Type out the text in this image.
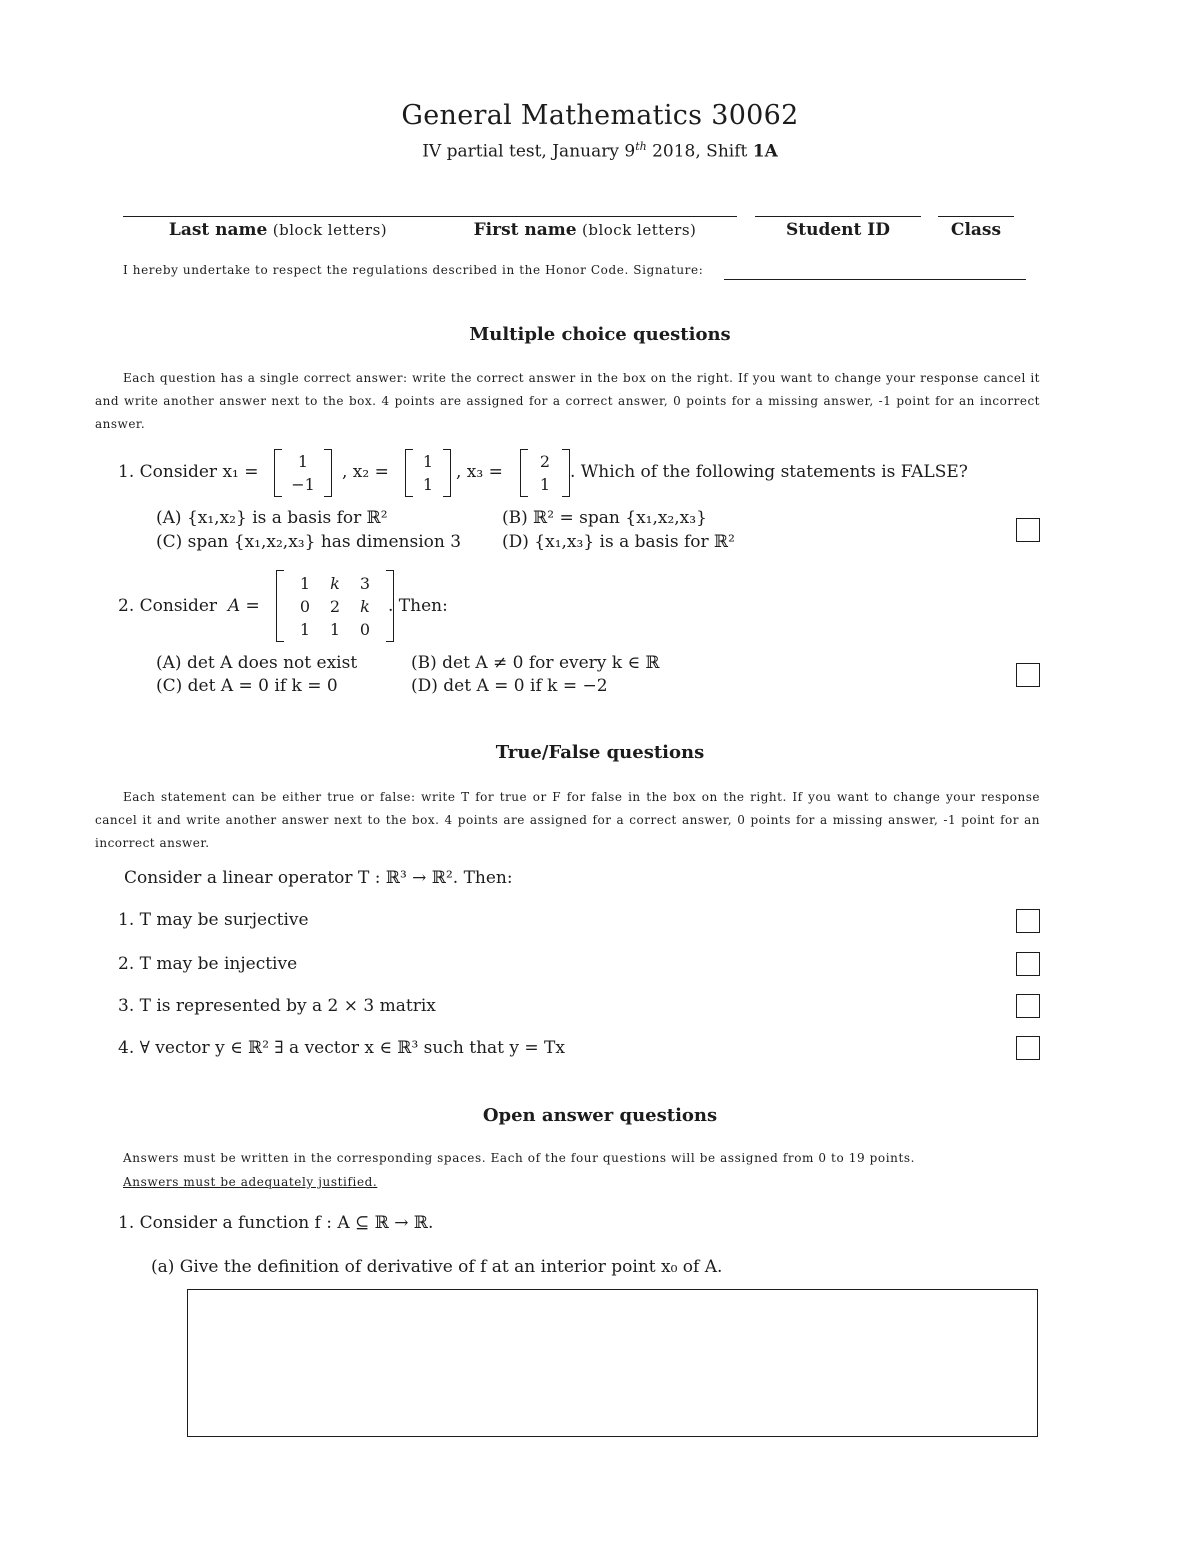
General Mathematics 30062
IV partial test, January 9th 2018, Shift 1A
Last name (block letters)	First name (block letters)	Student ID	Class
I hereby undertake to respect the regulations described in the Honor Code. Signature:
Multiple choice questions
Each question has a single correct answer: write the correct answer in the box on the right. If you want to change your response cancel it and write another answer next to the box. 4 points are assigned for a correct answer, 0 points for a missing answer, -1 point for an incorrect answer.
1. Consider x₁ =
1
−1
, x₂ =
1
1
, x₃ =
2
1
. Which of the following statements is FALSE?
(A) {x₁,x₂} is a basis for ℝ²	(B) ℝ² = span {x₁,x₂,x₃}
(C) span {x₁,x₂,x₃} has dimension 3 (D) {x₁,x₃} is a basis for ℝ²
2. Consider A =
1	k	3
0	2	k
1	1	0
. Then:
(A) det A does not exist	(B) det A ≠ 0 for every k ∈ ℝ
(C) det A = 0 if k = 0	(D) det A = 0 if k = −2
True/False questions
Each statement can be either true or false: write T for true or F for false in the box on the right. If you want to change your response cancel it and write another answer next to the box. 4 points are assigned for a correct answer, 0 points for a missing answer, -1 point for an incorrect answer.
Consider a linear operator T : ℝ³ → ℝ². Then:
1. T may be surjective
2. T may be injective
3. T is represented by a 2 × 3 matrix
4. ∀ vector y ∈ ℝ² ∃ a vector x ∈ ℝ³ such that y = Tx
Open answer questions
Answers must be written in the corresponding spaces. Each of the four questions will be assigned from 0 to 19 points.
Answers must be adequately justified.
1. Consider a function f : A ⊆ ℝ → ℝ.
(a) Give the definition of derivative of f at an interior point x₀ of A.
